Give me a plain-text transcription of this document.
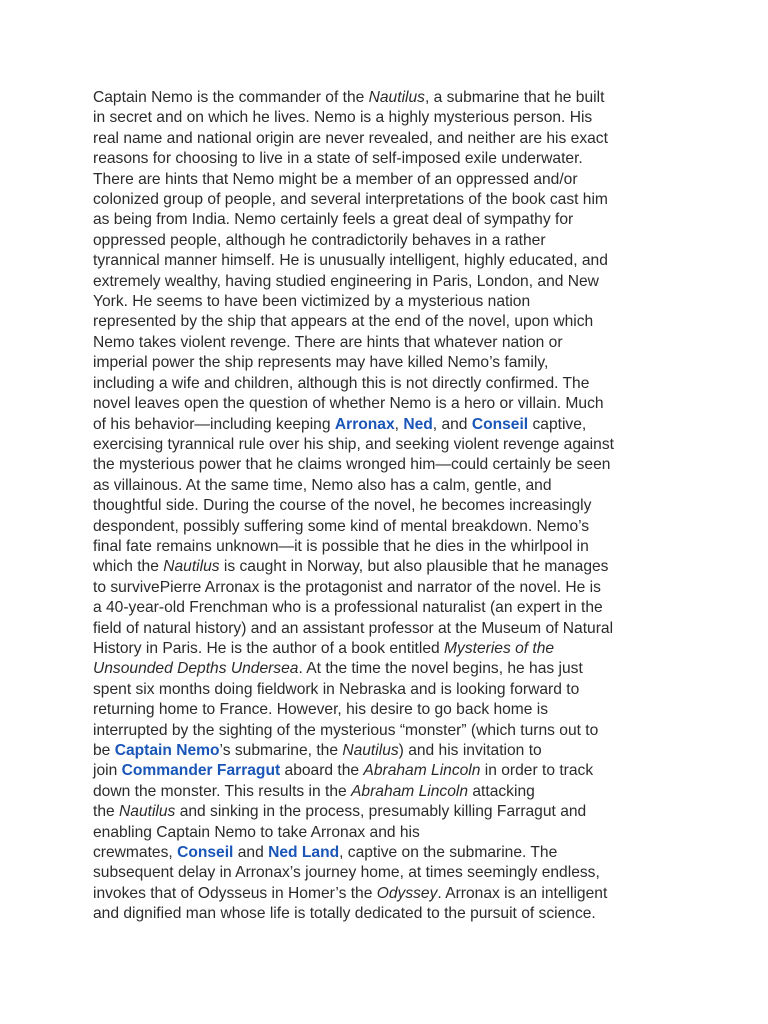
Captain Nemo is the commander of the Nautilus, a submarine that he built
in secret and on which he lives. Nemo is a highly mysterious person. His
real name and national origin are never revealed, and neither are his exact
reasons for choosing to live in a state of self-imposed exile underwater.
There are hints that Nemo might be a member of an oppressed and/or
colonized group of people, and several interpretations of the book cast him
as being from India. Nemo certainly feels a great deal of sympathy for
oppressed people, although he contradictorily behaves in a rather
tyrannical manner himself. He is unusually intelligent, highly educated, and
extremely wealthy, having studied engineering in Paris, London, and New
York. He seems to have been victimized by a mysterious nation
represented by the ship that appears at the end of the novel, upon which
Nemo takes violent revenge. There are hints that whatever nation or
imperial power the ship represents may have killed Nemo’s family,
including a wife and children, although this is not directly confirmed. The
novel leaves open the question of whether Nemo is a hero or villain. Much
of his behavior—including keeping Arronax, Ned, and Conseil captive,
exercising tyrannical rule over his ship, and seeking violent revenge against
the mysterious power that he claims wronged him—could certainly be seen
as villainous. At the same time, Nemo also has a calm, gentle, and
thoughtful side. During the course of the novel, he becomes increasingly
despondent, possibly suffering some kind of mental breakdown. Nemo’s
final fate remains unknown—it is possible that he dies in the whirlpool in
which the Nautilus is caught in Norway, but also plausible that he manages
to survivePierre Arronax is the protagonist and narrator of the novel. He is
a 40-year-old Frenchman who is a professional naturalist (an expert in the
field of natural history) and an assistant professor at the Museum of Natural
History in Paris. He is the author of a book entitled Mysteries of the
Unsounded Depths Undersea. At the time the novel begins, he has just
spent six months doing fieldwork in Nebraska and is looking forward to
returning home to France. However, his desire to go back home is
interrupted by the sighting of the mysterious “monster” (which turns out to
be Captain Nemo’s submarine, the Nautilus) and his invitation to
join Commander Farragut aboard the Abraham Lincoln in order to track
down the monster. This results in the Abraham Lincoln attacking
the Nautilus and sinking in the process, presumably killing Farragut and
enabling Captain Nemo to take Arronax and his
crewmates, Conseil and Ned Land, captive on the submarine. The
subsequent delay in Arronax’s journey home, at times seemingly endless,
invokes that of Odysseus in Homer’s the Odyssey. Arronax is an intelligent
and dignified man whose life is totally dedicated to the pursuit of science.
